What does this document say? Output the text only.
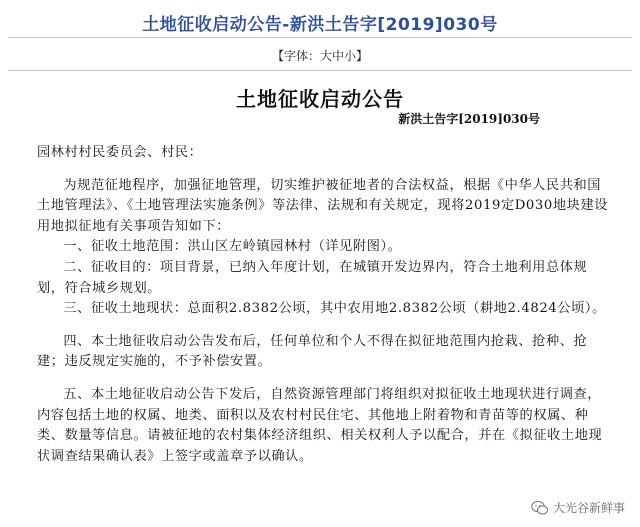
土地征收启动公告-新洪土告字[2019]030号
【字体：大中小】
土地征收启动公告
新洪土告字[2019]030号

园林村村民委员会、村民：

为规范征地程序，加强征地管理，切实维护被征地者的合法权益，根据《中华人民共和国土地管理法》、《土地管理法实施条例》等法律、法规和有关规定，现将2019定D030地块建设用地拟征地有关事项告知如下：

一、征收土地范围：洪山区左岭镇园林村（详见附图）。

二、征收目的：项目背景，已纳入年度计划，在城镇开发边界内，符合土地利用总体规划，符合城乡规划。

三、征收土地现状：总面积2.8382公顷，其中农用地2.8382公顷（耕地2.4824公顷）。

四、本土地征收启动公告发布后，任何单位和个人不得在拟征地范围内抢栽、抢种、抢建；违反规定实施的，不予补偿安置。

五、本土地征收启动公告下发后，自然资源管理部门将组织对拟征收土地现状进行调查，内容包括土地的权属、地类、面积以及农村村民住宅、其他地上附着物和青苗等的权属、种类、数量等信息。请被征地的农村集体经济组织、相关权利人予以配合，并在《拟征收土地现状调查结果确认表》上签字或盖章予以确认。

大光谷新鲜事
